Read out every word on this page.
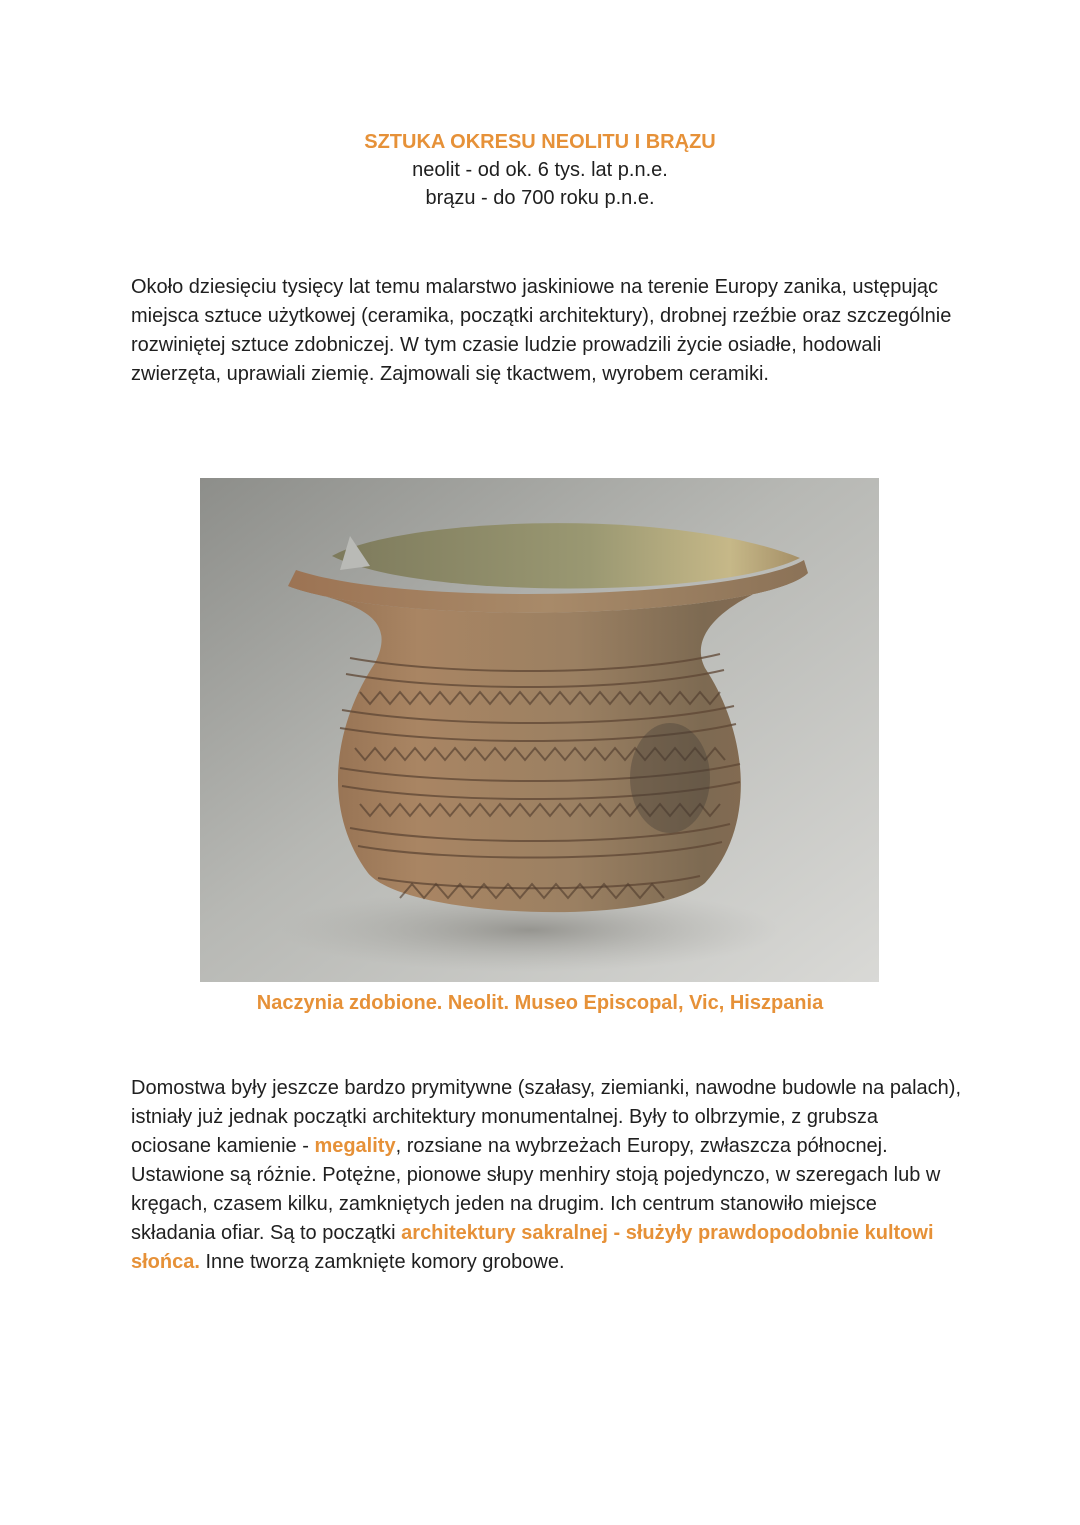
SZTUKA OKRESU NEOLITU I BRĄZU

neolit - od ok. 6 tys. lat p.n.e.

brązu - do 700 roku p.n.e.

Około dziesięciu tysięcy lat temu malarstwo jaskiniowe na terenie Europy zanika, ustępując miejsca sztuce użytkowej (ceramika, początki architektury), drobnej rzeźbie oraz szczególnie rozwiniętej sztuce zdobniczej. W tym czasie ludzie prowadzili życie osiadłe, hodowali zwierzęta, uprawiali ziemię. Zajmowali się tkactwem, wyrobem ceramiki.

Naczynia zdobione. Neolit. Museo Episcopal, Vic, Hiszpania

Domostwa były jeszcze bardzo prymitywne (szałasy, ziemianki, nawodne budowle na palach), istniały już jednak początki architektury monumentalnej. Były to olbrzymie, z grubsza ociosane kamienie - megality, rozsiane na wybrzeżach Europy, zwłaszcza północnej. Ustawione są różnie. Potężne, pionowe słupy menhiry stoją pojedynczo, w szeregach lub w kręgach, czasem kilku, zamkniętych jeden na drugim. Ich centrum stanowiło miejsce składania ofiar. Są to początki architektury sakralnej - służyły prawdopodobnie kultowi słońca. Inne tworzą zamknięte komory grobowe.
